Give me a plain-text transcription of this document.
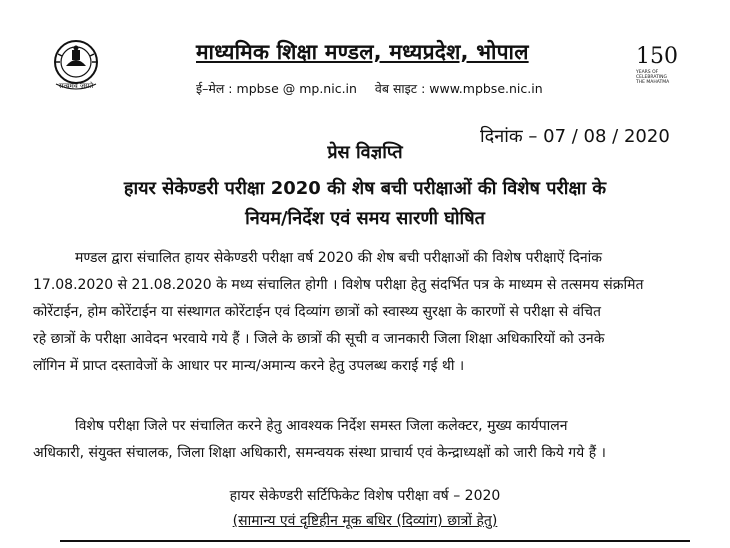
सत्यमेव जयते
माध्यमिक शिक्षा मण्डल, मध्यप्रदेश, भोपाल
ई–मेल : mpbse @ mp.nic.in वेब साइट : www.mpbse.nic.in
150
YEARS OF CELEBRATING THE MAHATMA
दिनांक – 07 / 08 / 2020
प्रेस विज्ञप्ति
हायर सेकेण्डरी परीक्षा 2020 की शेष बची परीक्षाओं की विशेष परीक्षा के
नियम/निर्देश एवं समय सारणी घोषित
मण्डल द्वारा संचालित हायर सेकेण्डरी परीक्षा वर्ष 2020 की शेष बची परीक्षाओं की विशेष परीक्षाऐं दिनांक
17.08.2020 से 21.08.2020 के मध्य संचालित होगी । विशेष परीक्षा हेतु संदर्भित पत्र के माध्यम से तत्समय संक्रमित
कोरेंटाईन, होम कोरेंटाईन या संस्थागत कोरेंटाईन एवं दिव्यांग छात्रों को स्वास्थ्य सुरक्षा के कारणों से परीक्षा से वंचित
रहे छात्रों के परीक्षा आवेदन भरवाये गये हैं । जिले के छात्रों की सूची व जानकारी जिला शिक्षा अधिकारियों को उनके
लॉगिन में प्राप्त दस्तावेजों के आधार पर मान्य/अमान्य करने हेतु उपलब्ध कराई गई थी ।
विशेष परीक्षा जिले पर संचालित करने हेतु आवश्यक निर्देश समस्त जिला कलेक्टर, मुख्य कार्यपालन
अधिकारी, संयुक्त संचालक, जिला शिक्षा अधिकारी, समन्वयक संस्था प्राचार्य एवं केन्द्राध्यक्षों को जारी किये गये हैं ।
हायर सेकेण्डरी सर्टिफिकेट विशेष परीक्षा वर्ष – 2020
(सामान्य एवं दृष्टिहीन मूक बधिर (दिव्यांग) छात्रों हेतु)
